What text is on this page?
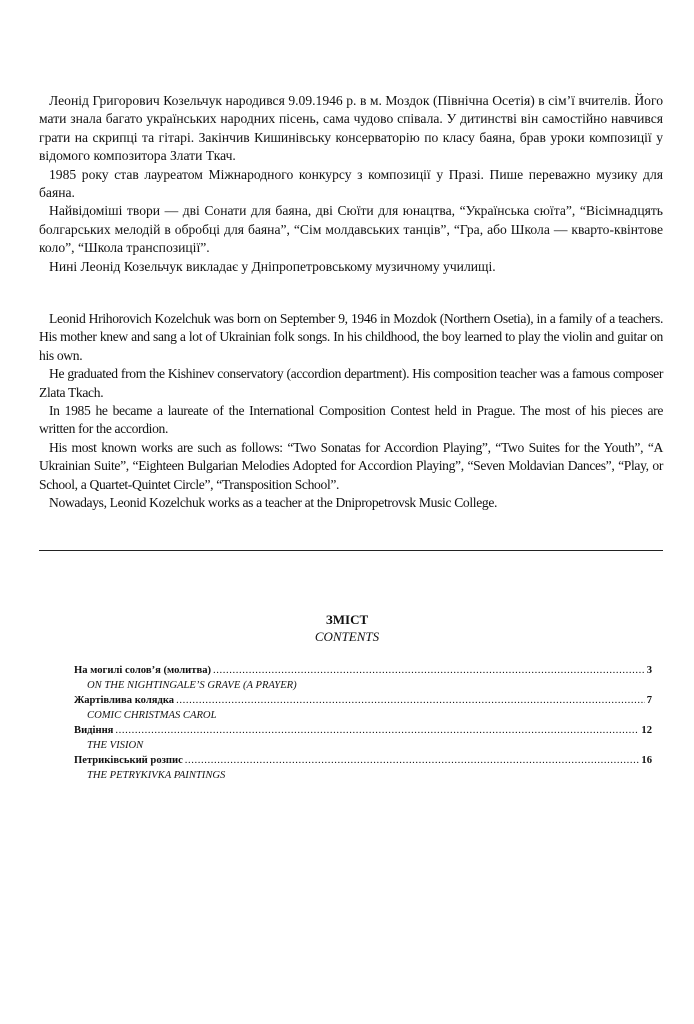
Леонід Григорович Козельчук народився 9.09.1946 р. в м. Моздок (Північна Осетія) в сім’ї вчителів. Його мати знала багато українських народних пісень, сама чудово співала. У дитинстві він самостійно навчився грати на скрипці та гітарі. Закінчив Кишинівську консерваторію по класу баяна, брав уроки композиції у відомого композитора Злати Ткач.

1985 року став лауреатом Міжнародного конкурсу з композиції у Празі. Пише переважно музику для баяна.

Найвідоміші твори — дві Сонати для баяна, дві Сюїти для юнацтва, “Українська сюїта”, “Вісімнадцять болгарських мелодій в обробці для баяна”, “Сім молдавських танців”, “Гра, або Школа — кварто-квінтове коло”, “Школа транспозиції”.

Нині Леонід Козельчук викладає у Дніпропетровському музичному училищі.

Leonid Hrihorovich Kozelchuk was born on September 9, 1946 in Mozdok (Northern Osetia), in a family of a teachers. His mother knew and sang a lot of Ukrainian folk songs. In his childhood, the boy learned to play the violin and guitar on his own.

He graduated from the Kishinev conservatory (accordion department). His composition teacher was a famous composer Zlata Tkach.

In 1985 he became a laureate of the International Composition Contest held in Prague. The most of his pieces are written for the accordion.

His most known works are such as follows: “Two Sonatas for Accordion Playing”, “Two Suites for the Youth”, “A Ukrainian Suite”, “Eighteen Bulgarian Melodies Adopted for Accordion Playing”, “Seven Moldavian Dances”, “Play, or School, a Quartet-Quintet Circle”, “Transposition School”.

Nowadays, Leonid Kozelchuk works as a teacher at the Dnipropetrovsk Music College.

ЗМІСТ
CONTENTS
На могилі солов’я (молитва) .....	3
ON THE NIGHTINGALE’S GRAVE (A PRAYER)
Жартівлива колядка .....	7
COMIC CHRISTMAS CAROL
Видіння .....	12
THE VISION
Петриківський розпис .....	16
THE PETRYKIVKA PAINTINGS
